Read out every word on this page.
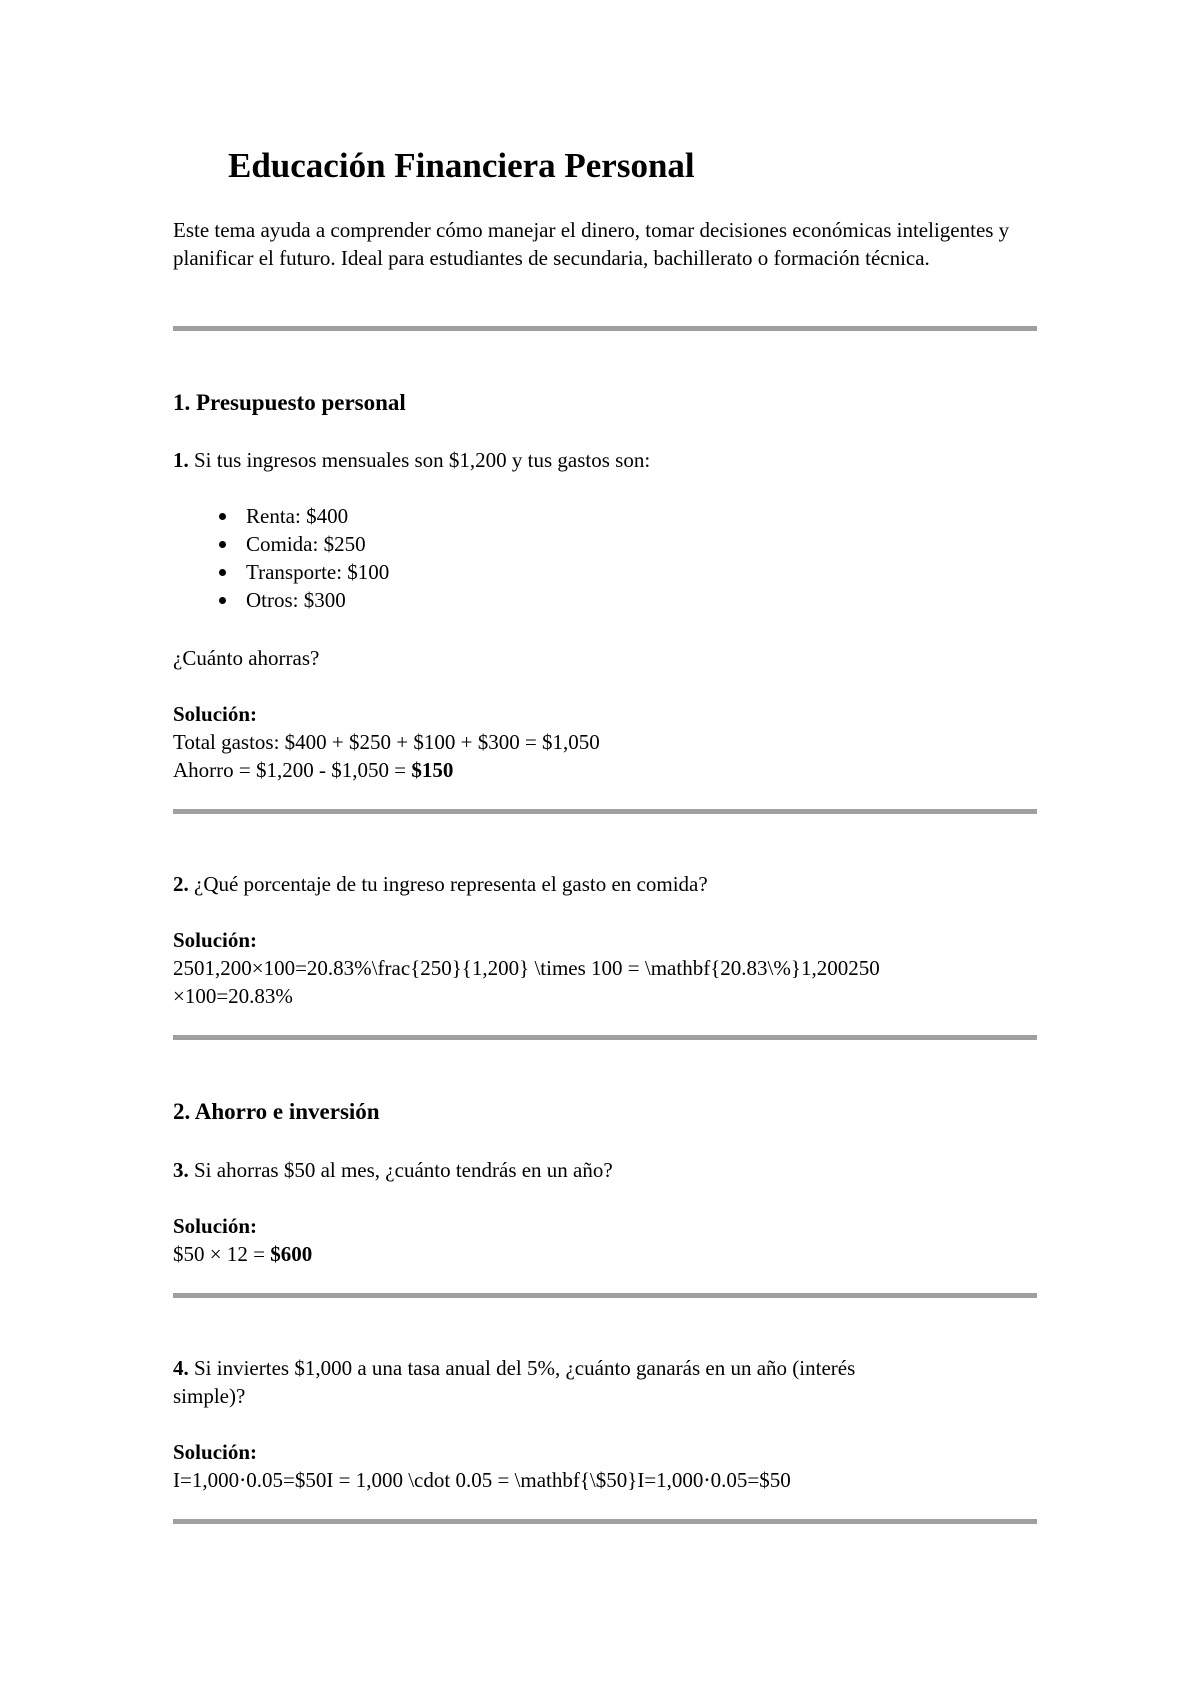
Educación Financiera Personal

Este tema ayuda a comprender cómo manejar el dinero, tomar decisiones económicas inteligentes y planificar el futuro. Ideal para estudiantes de secundaria, bachillerato o formación técnica.

1. Presupuesto personal
1. Si tus ingresos mensuales son $1,200 y tus gastos son:
Renta: $400
Comida: $250
Transporte: $100
Otros: $300
¿Cuánto ahorras?
Solución:
Total gastos: $400 + $250 + $100 + $300 = $1,050
Ahorro = $1,200 - $1,050 = $150
2. ¿Qué porcentaje de tu ingreso representa el gasto en comida?
Solución:
2501,200×100=20.83%\frac{250}{1,200} \times 100 = \mathbf{20.83\%}1,200250
×100=20.83%
2. Ahorro e inversión
3. Si ahorras $50 al mes, ¿cuánto tendrás en un año?
Solución:
$50 × 12 = $600
4. Si inviertes $1,000 a una tasa anual del 5%, ¿cuánto ganarás en un año (interés
simple)?
Solución:
I=1,000⋅0.05=$50I = 1,000 \cdot 0.05 = \mathbf{\$50}I=1,000⋅0.05=$50
